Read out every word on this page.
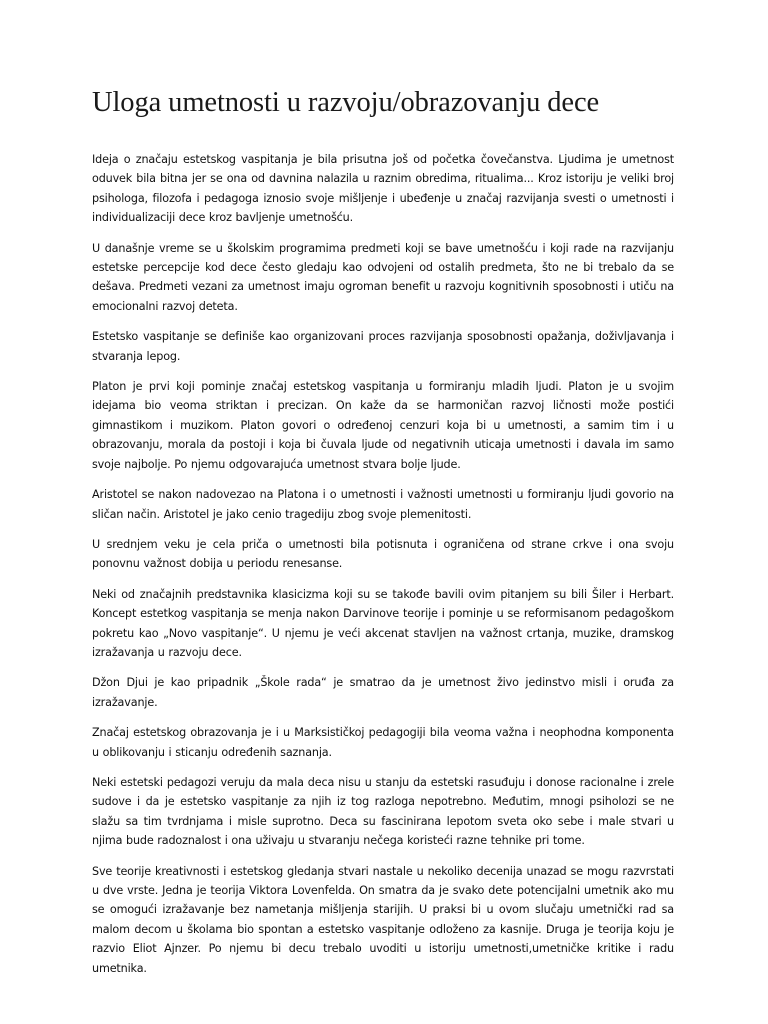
Uloga umetnosti u razvoju/obrazovanju dece

Ideja o značaju estetskog vaspitanja je bila prisutna još od početka čovečanstva. Ljudima je umetnost oduvek bila bitna jer se ona od davnina nalazila u raznim obredima, ritualima... Kroz istoriju je veliki broj psihologa, filozofa i pedagoga iznosio svoje mišljenje i ubeđenje u značaj razvijanja svesti o umetnosti i individualizaciji dece kroz bavljenje umetnošću.

U današnje vreme se u školskim programima predmeti koji se bave umetnošću i koji rade na razvijanju estetske percepcije kod dece često gledaju kao odvojeni od ostalih predmeta, što ne bi trebalo da se dešava. Predmeti vezani za umetnost imaju ogroman benefit u razvoju kognitivnih sposobnosti i utiču na emocionalni razvoj deteta.

Estetsko vaspitanje se definiše kao organizovani proces razvijanja sposobnosti opažanja, doživljavanja i stvaranja lepog.

Platon je prvi koji pominje značaj estetskog vaspitanja u formiranju mladih ljudi. Platon je u svojim idejama bio veoma striktan i precizan. On kaže da se harmoničan razvoj ličnosti može postići gimnastikom i muzikom. Platon govori o određenoj cenzuri koja bi u umetnosti, a samim tim i u obrazovanju, morala da postoji i koja bi čuvala ljude od negativnih uticaja umetnosti i davala im samo svoje najbolje. Po njemu odgovarajuća umetnost stvara bolje ljude.

Aristotel se nakon nadovezao na Platona i o umetnosti i važnosti umetnosti u formiranju ljudi govorio na sličan način. Aristotel je jako cenio tragediju zbog svoje plemenitosti.

U srednjem veku je cela priča o umetnosti bila potisnuta i ograničena od strane crkve i ona svoju ponovnu važnost dobija u periodu renesanse.

Neki od značajnih predstavnika klasicizma koji su se takođe bavili ovim pitanjem su bili Šiler i Herbart. Koncept estetkog vaspitanja se menja nakon Darvinove teorije i pominje u se reformisanom pedagoškom pokretu kao „Novo vaspitanje“. U njemu je veći akcenat stavljen na važnost crtanja, muzike, dramskog izražavanja u razvoju dece.

Džon Djui je kao pripadnik „Škole rada“ je smatrao da je umetnost živo jedinstvo misli i oruđa za izražavanje.

Značaj estetskog obrazovanja je i u Marksističkoj pedagogiji bila veoma važna i neophodna komponenta u oblikovanju i sticanju određenih saznanja.

Neki estetski pedagozi veruju da mala deca nisu u stanju da estetski rasuđuju i donose racionalne i zrele sudove i da je estetsko vaspitanje za njih iz tog razloga nepotrebno. Međutim, mnogi psiholozi se ne slažu sa tim tvrdnjama i misle suprotno. Deca su fascinirana lepotom sveta oko sebe i male stvari u njima bude radoznalost i ona uživaju u stvaranju nečega koristeći razne tehnike pri tome.

Sve teorije kreativnosti i estetskog gledanja stvari nastale u nekoliko decenija unazad se mogu razvrstati u dve vrste. Jedna je teorija Viktora Lovenfelda. On smatra da je svako dete potencijalni umetnik ako mu se omogući izražavanje bez nametanja mišljenja starijih. U praksi bi u ovom slučaju umetnički rad sa malom decom u školama bio spontan a estetsko vaspitanje odloženo za kasnije. Druga je teorija koju je razvio Eliot Ajnzer. Po njemu bi decu trebalo uvoditi u istoriju umetnosti,umetničke kritike i radu umetnika.
